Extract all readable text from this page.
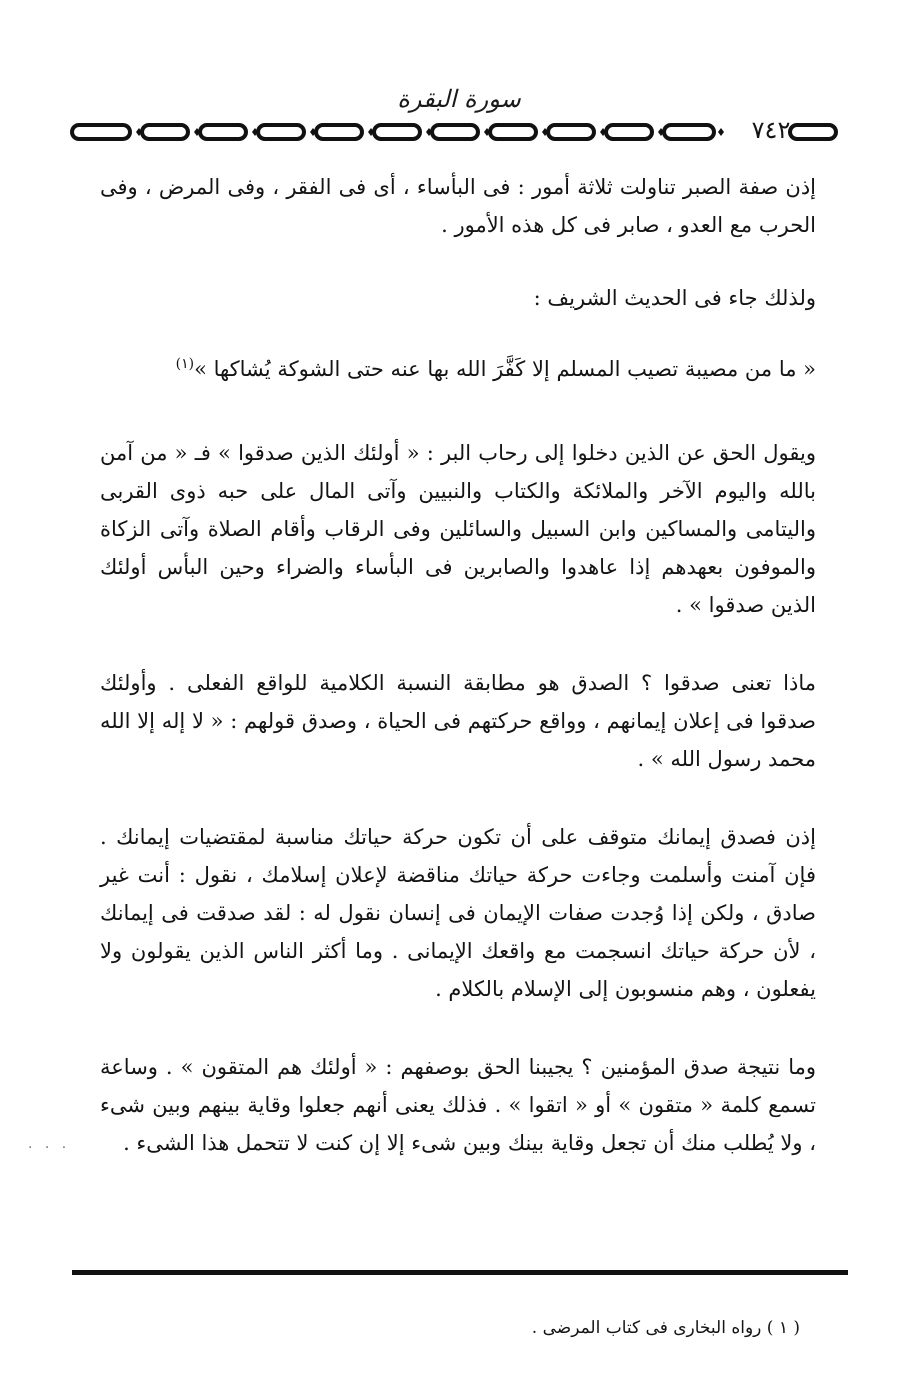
سورة البقرة
٧٤٢

إذن صفة الصبر تناولت ثلاثة أمور : فى البأساء ، أى فى الفقر ، وفى المرض ، وفى الحرب مع العدو ، صابر فى كل هذه الأمور .

ولذلك جاء فى الحديث الشريف :

« ما من مصيبة تصيب المسلم إلا كَفَّرَ الله بها عنه حتى الشوكة يُشاكها »$^{(١)}$

ويقول الحق عن الذين دخلوا إلى رحاب البر : « أولئك الذين صدقوا » فـ « من آمن بالله واليوم الآخر والملائكة والكتاب والنبيين وآتى المال على حبه ذوى القربى واليتامى والمساكين وابن السبيل والسائلين وفى الرقاب وأقام الصلاة وآتى الزكاة والموفون بعهدهم إذا عاهدوا والصابرين فى البأساء والضراء وحين البأس أولئك الذين صدقوا » .

ماذا تعنى صدقوا ؟ الصدق هو مطابقة النسبة الكلامية للواقع الفعلى . وأولئك صدقوا فى إعلان إيمانهم ، وواقع حركتهم فى الحياة ، وصدق قولهم : « لا إله إلا الله محمد رسول الله » .

إذن فصدق إيمانك متوقف على أن تكون حركة حياتك مناسبة لمقتضيات إيمانك . فإن آمنت وأسلمت وجاءت حركة حياتك مناقضة لإعلان إسلامك ، نقول : أنت غير صادق ، ولكن إذا وُجدت صفات الإيمان فى إنسان نقول له : لقد صدقت فى إيمانك ، لأن حركة حياتك انسجمت مع واقعك الإيمانى . وما أكثر الناس الذين يقولون ولا يفعلون ، وهم منسوبون إلى الإسلام بالكلام .

وما نتيجة صدق المؤمنين ؟ يجيبنا الحق بوصفهم : « أولئك هم المتقون » . وساعة تسمع كلمة « متقون » أو « اتقوا » . فذلك يعنى أنهم جعلوا وقاية بينهم وبين شىء ، ولا يُطلب منك أن تجعل وقاية بينك وبين شىء إلا إن كنت لا تتحمل هذا الشىء .

· · ·
( ١ ) رواه البخارى فى كتاب المرضى .
